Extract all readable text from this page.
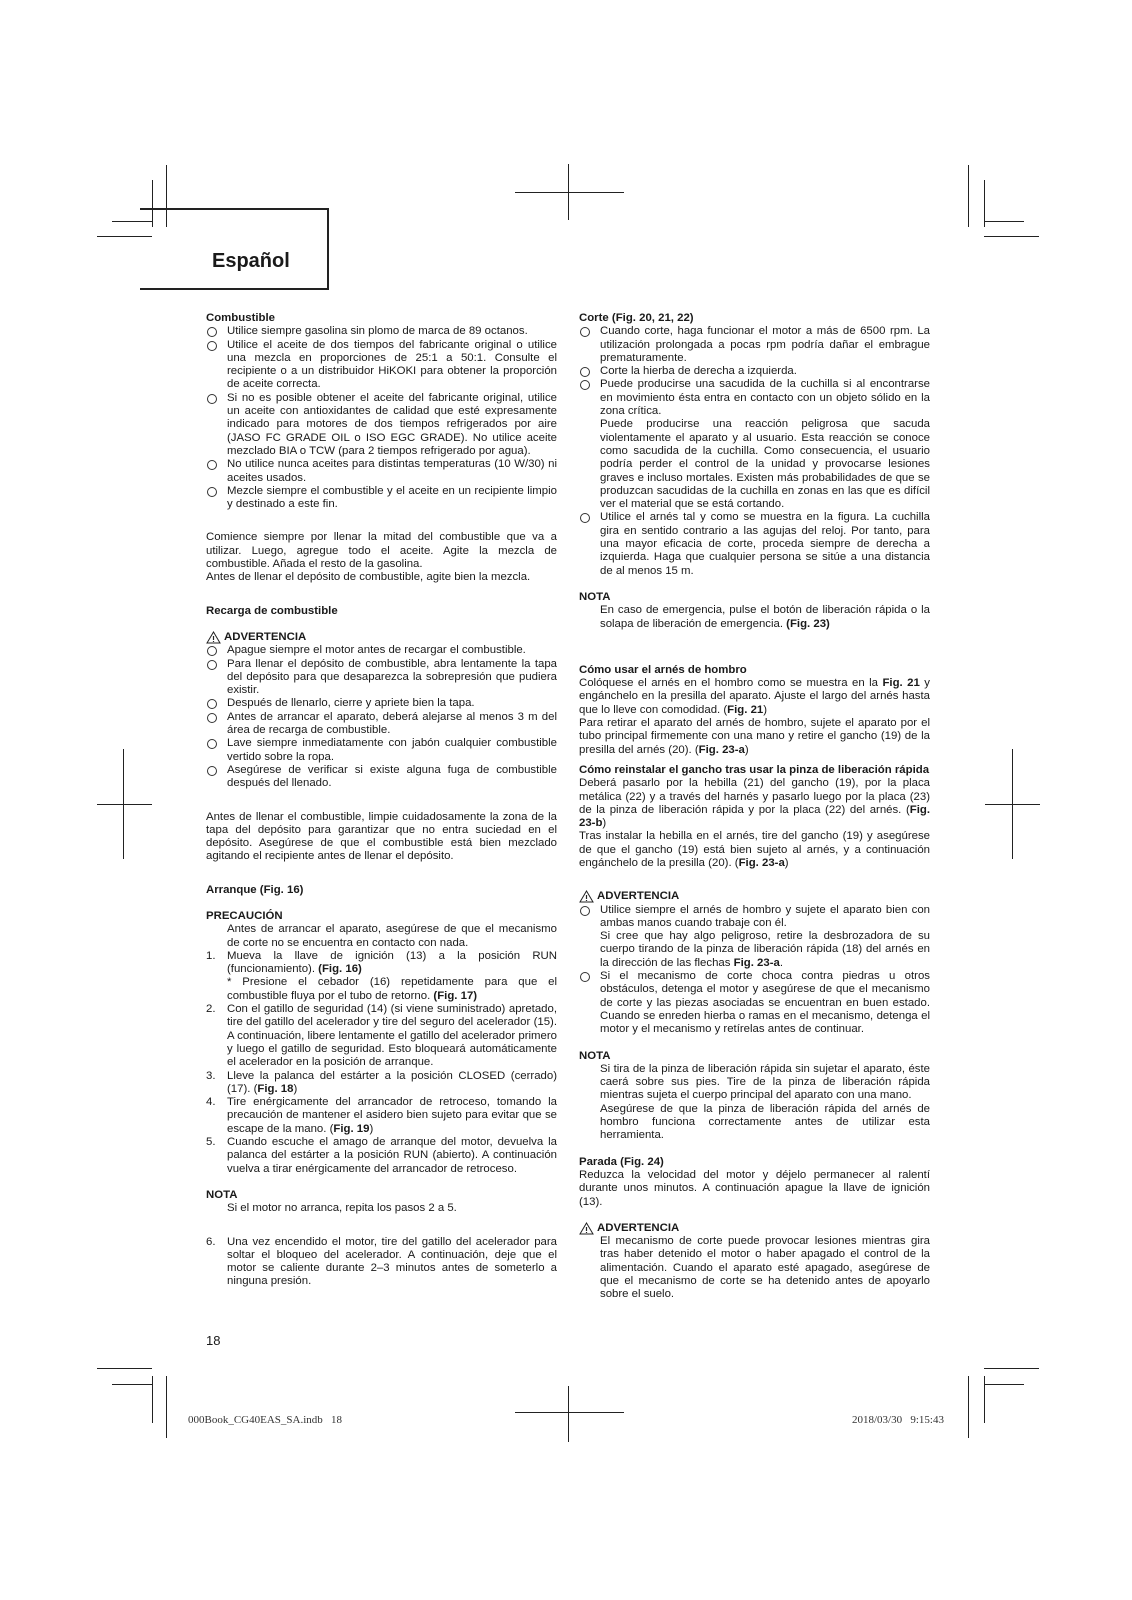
Español
Combustible
Utilice siempre gasolina sin plomo de marca de 89 octanos.
Utilice el aceite de dos tiempos del fabricante original o utilice una mezcla en proporciones de 25:1 a 50:1. Consulte el recipiente o a un distribuidor HiKOKI para obtener la proporción de aceite correcta.
Si no es posible obtener el aceite del fabricante original, utilice un aceite con antioxidantes de calidad que esté expresamente indicado para motores de dos tiempos refrigerados por aire (JASO FC GRADE OIL o ISO EGC GRADE). No utilice aceite mezclado BIA o TCW (para 2 tiempos refrigerado por agua).
No utilice nunca aceites para distintas temperaturas (10 W/30) ni aceites usados.
Mezcle siempre el combustible y el aceite en un recipiente limpio y destinado a este fin.

Comience siempre por llenar la mitad del combustible que va a utilizar. Luego, agregue todo el aceite. Agite la mezcla de combustible. Añada el resto de la gasolina.

Antes de llenar el depósito de combustible, agite bien la mezcla.

Recarga de combustible
ADVERTENCIA
Apague siempre el motor antes de recargar el combustible.
Para llenar el depósito de combustible, abra lentamente la tapa del depósito para que desaparezca la sobrepresión que pudiera existir.
Después de llenarlo, cierre y apriete bien la tapa.
Antes de arrancar el aparato, deberá alejarse al menos 3 m del área de recarga de combustible.
Lave siempre inmediatamente con jabón cualquier combustible vertido sobre la ropa.
Asegúrese de verificar si existe alguna fuga de combustible después del llenado.

Antes de llenar el combustible, limpie cuidadosamente la zona de la tapa del depósito para garantizar que no entra suciedad en el depósito. Asegúrese de que el combustible está bien mezclado agitando el recipiente antes de llenar el depósito.

Arranque (Fig. 16)
PRECAUCIÓN
Antes de arrancar el aparato, asegúrese de que el mecanismo de corte no se encuentra en contacto con nada.
1. Mueva la llave de ignición (13) a la posición RUN (funcionamiento). (Fig. 16)
* Presione el cebador (16) repetidamente para que el combustible fluya por el tubo de retorno. (Fig. 17)
2. Con el gatillo de seguridad (14) (si viene suministrado) apretado, tire del gatillo del acelerador y tire del seguro del acelerador (15). A continuación, libere lentamente el gatillo del acelerador primero y luego el gatillo de seguridad. Esto bloqueará automáticamente el acelerador en la posición de arranque.
3. Lleve la palanca del estárter a la posición CLOSED (cerrado) (17). (Fig. 18)
4. Tire enérgicamente del arrancador de retroceso, tomando la precaución de mantener el asidero bien sujeto para evitar que se escape de la mano. (Fig. 19)
5. Cuando escuche el amago de arranque del motor, devuelva la palanca del estárter a la posición RUN (abierto). A continuación vuelva a tirar enérgicamente del arrancador de retroceso.
NOTA
Si el motor no arranca, repita los pasos 2 a 5.
6. Una vez encendido el motor, tire del gatillo del acelerador para soltar el bloqueo del acelerador. A continuación, deje que el motor se caliente durante 2–3 minutos antes de someterlo a ninguna presión.
Corte (Fig. 20, 21, 22)
Cuando corte, haga funcionar el motor a más de 6500 rpm. La utilización prolongada a pocas rpm podría dañar el embrague prematuramente.
Corte la hierba de derecha a izquierda.
Puede producirse una sacudida de la cuchilla si al encontrarse en movimiento ésta entra en contacto con un objeto sólido en la zona crítica.
Puede producirse una reacción peligrosa que sacuda violentamente el aparato y al usuario. Esta reacción se conoce como sacudida de la cuchilla. Como consecuencia, el usuario podría perder el control de la unidad y provocarse lesiones graves e incluso mortales. Existen más probabilidades de que se produzcan sacudidas de la cuchilla en zonas en las que es difícil ver el material que se está cortando.
Utilice el arnés tal y como se muestra en la figura. La cuchilla gira en sentido contrario a las agujas del reloj. Por tanto, para una mayor eficacia de corte, proceda siempre de derecha a izquierda. Haga que cualquier persona se sitúe a una distancia de al menos 15 m.
NOTA
En caso de emergencia, pulse el botón de liberación rápida o la solapa de liberación de emergencia. (Fig. 23)
Cómo usar el arnés de hombro

Colóquese el arnés en el hombro como se muestra en la Fig. 21 y engánchelo en la presilla del aparato. Ajuste el largo del arnés hasta que lo lleve con comodidad. (Fig. 21)

Para retirar el aparato del arnés de hombro, sujete el aparato por el tubo principal firmemente con una mano y retire el gancho (19) de la presilla del arnés (20). (Fig. 23-a)

Cómo reinstalar el gancho tras usar la pinza de liberación rápida

Deberá pasarlo por la hebilla (21) del gancho (19), por la placa metálica (22) y a través del harnés y pasarlo luego por la placa (23) de la pinza de liberación rápida y por la placa (22) del arnés. (Fig. 23-b)

Tras instalar la hebilla en el arnés, tire del gancho (19) y asegúrese de que el gancho (19) está bien sujeto al arnés, y a continuación engánchelo de la presilla (20). (Fig. 23-a)

ADVERTENCIA
Utilice siempre el arnés de hombro y sujete el aparato bien con ambas manos cuando trabaje con él.
Si cree que hay algo peligroso, retire la desbrozadora de su cuerpo tirando de la pinza de liberación rápida (18) del arnés en la dirección de las flechas Fig. 23-a.
Si el mecanismo de corte choca contra piedras u otros obstáculos, detenga el motor y asegúrese de que el mecanismo de corte y las piezas asociadas se encuentran en buen estado. Cuando se enreden hierba o ramas en el mecanismo, detenga el motor y el mecanismo y retírelas antes de continuar.
NOTA
Si tira de la pinza de liberación rápida sin sujetar el aparato, éste caerá sobre sus pies. Tire de la pinza de liberación rápida mientras sujeta el cuerpo principal del aparato con una mano.
Asegúrese de que la pinza de liberación rápida del arnés de hombro funciona correctamente antes de utilizar esta herramienta.
Parada (Fig. 24)

Reduzca la velocidad del motor y déjelo permanecer al ralentí durante unos minutos. A continuación apague la llave de ignición (13).

ADVERTENCIA
El mecanismo de corte puede provocar lesiones mientras gira tras haber detenido el motor o haber apagado el control de la alimentación. Cuando el aparato esté apagado, asegúrese de que el mecanismo de corte se ha detenido antes de apoyarlo sobre el suelo.
18
000Book_CG40EAS_SA.indb   18	2018/03/30   9:15:43
